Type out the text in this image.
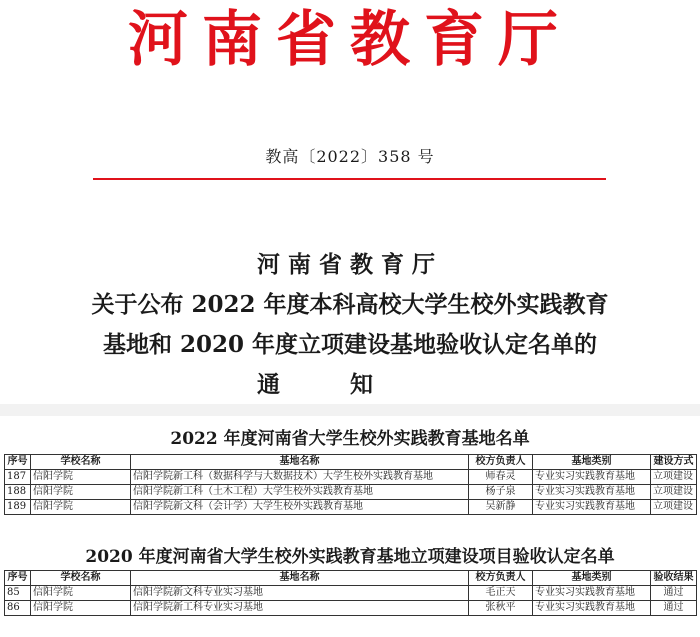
河南省教育厅
教高〔2022〕358 号
河南省教育厅
关于公布 2022 年度本科高校大学生校外实践教育
基地和 2020 年度立项建设基地验收认定名单的
通知
2022 年度河南省大学生校外实践教育基地名单
序号	学校名称	基地名称	校方负责人	基地类别	建设方式
187	信阳学院	信阳学院新工科（数据科学与大数据技术）大学生校外实践教育基地	师春灵	专业实习实践教育基地	立项建设
188	信阳学院	信阳学院新工科（土木工程）大学生校外实践教育基地	杨子泉	专业实习实践教育基地	立项建设
189	信阳学院	信阳学院新文科（会计学）大学生校外实践教育基地	吴新静	专业实习实践教育基地	立项建设
2020 年度河南省大学生校外实践教育基地立项建设项目验收认定名单
序号	学校名称	基地名称	校方负责人	基地类别	验收结果
85	信阳学院	信阳学院新文科专业实习基地	毛正天	专业实习实践教育基地	通过
86	信阳学院	信阳学院新工科专业实习基地	张秋平	专业实习实践教育基地	通过
